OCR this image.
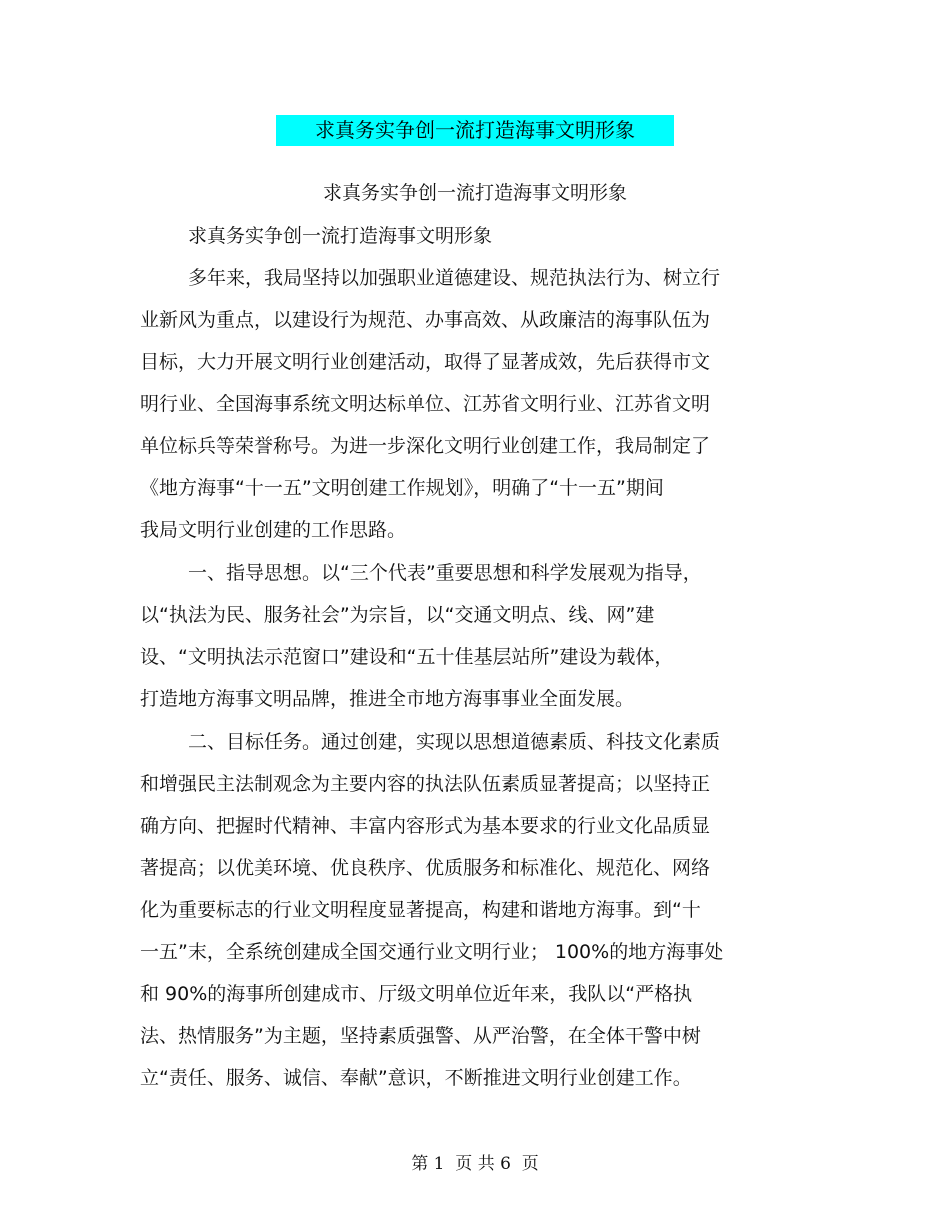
求真务实争创一流打造海事文明形象
求真务实争创一流打造海事文明形象
求真务实争创一流打造海事文明形象
多年来，我局坚持以加强职业道德建设、规范执法行为、树立行
业新风为重点，以建设行为规范、办事高效、从政廉洁的海事队伍为
目标，大力开展文明行业创建活动，取得了显著成效，先后获得市文
明行业、全国海事系统文明达标单位、江苏省文明行业、江苏省文明
单位标兵等荣誉称号。为进一步深化文明行业创建工作，我局制定了
《地方海事“十一五”文明创建工作规划》，明确了“十一五”期间
我局文明行业创建的工作思路。
一、指导思想。以“三个代表”重要思想和科学发展观为指导，
以“执法为民、服务社会”为宗旨，以“交通文明点、线、网”建
设、“文明执法示范窗口”建设和“五十佳基层站所”建设为载体，
打造地方海事文明品牌，推进全市地方海事事业全面发展。
二、目标任务。通过创建，实现以思想道德素质、科技文化素质
和增强民主法制观念为主要内容的执法队伍素质显著提高；以坚持正
确方向、把握时代精神、丰富内容形式为基本要求的行业文化品质显
著提高；以优美环境、优良秩序、优质服务和标准化、规范化、网络
化为重要标志的行业文明程度显著提高，构建和谐地方海事。到“十
一五”末，全系统创建成全国交通行业文明行业； 100%的地方海事处
和 90%的海事所创建成市、厅级文明单位近年来，我队以“严格执
法、热情服务”为主题，坚持素质强警、从严治警，在全体干警中树
立“责任、服务、诚信、奉献”意识，不断推进文明行业创建工作。
第 1  页 共 6  页
